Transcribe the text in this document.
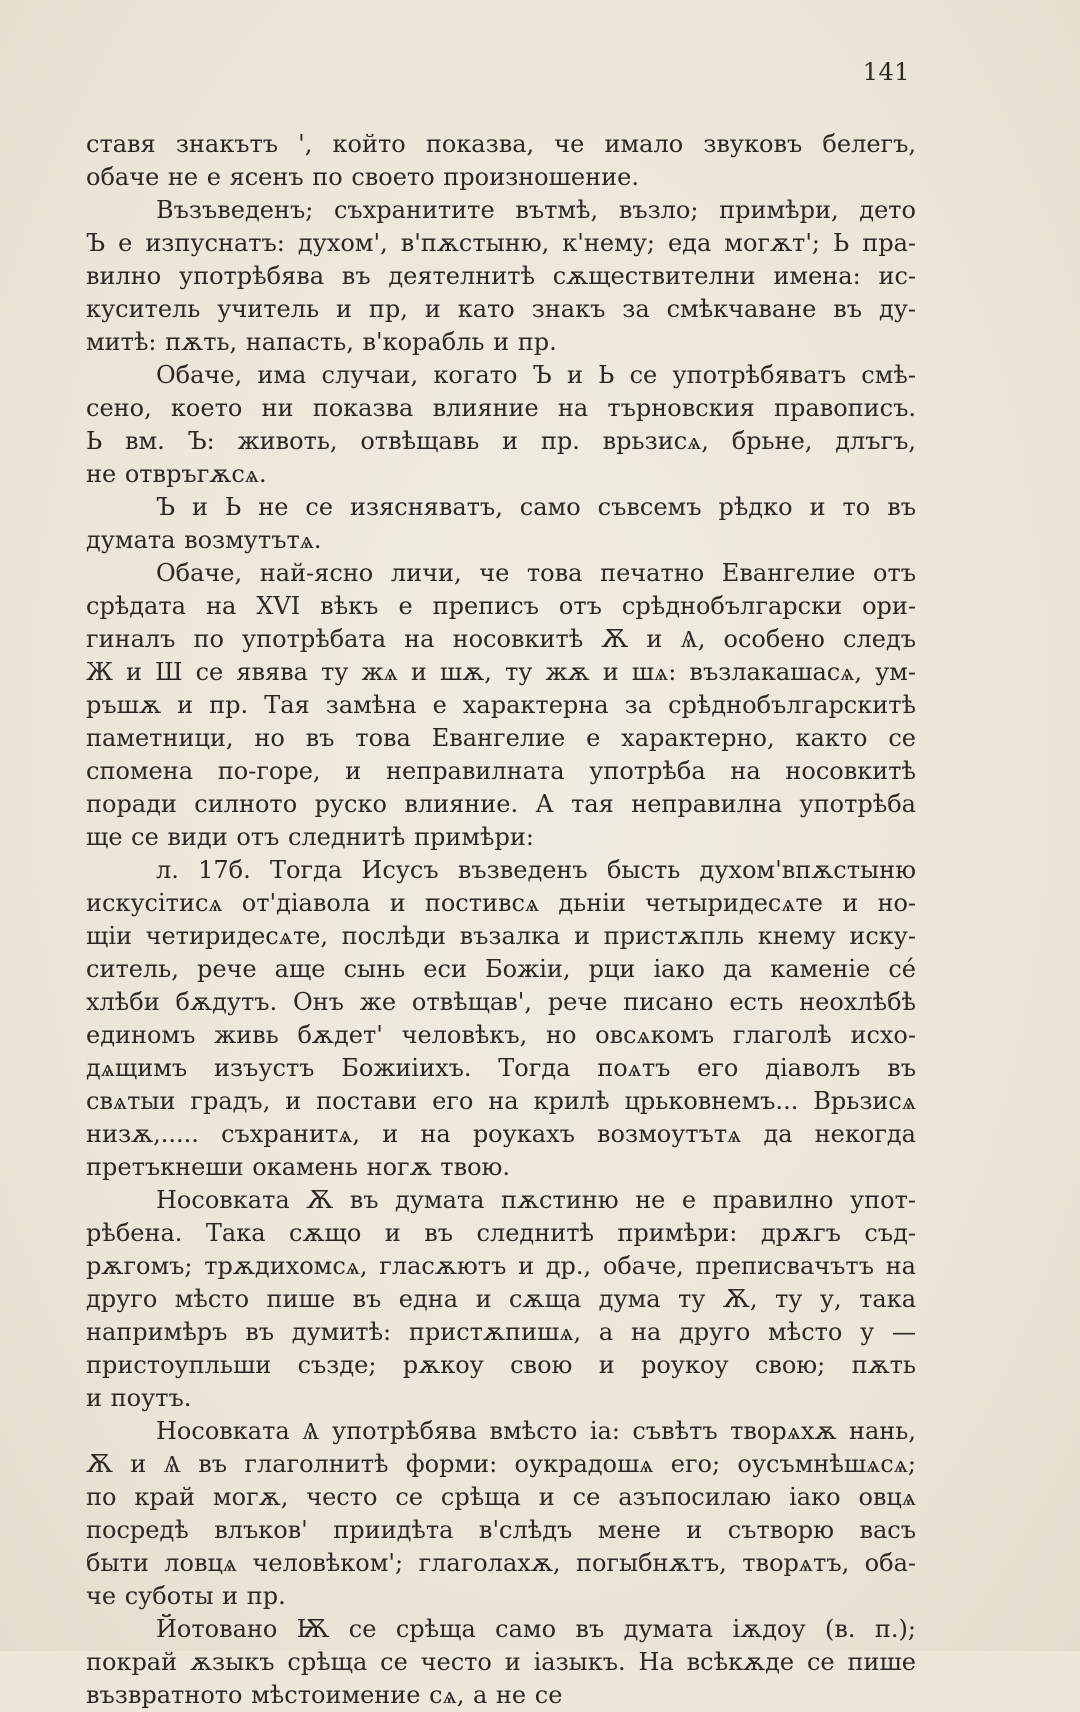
141
ставя знакътъ ', който показва, че имало звуковъ белегъ,
обаче не е ясенъ по своето произношение.
Възъведенъ; съхранитите вътмѣ, възло; примѣри, дето
Ъ е изпуснатъ: духом', в'пѫстыню, к'нему; еда могѫт'; Ь пра-
вилно употрѣбява въ деятелнитѣ сѫществителни имена: ис-
куситель учитель и пр, и като знакъ за смѣкчаване въ ду-
митѣ: пѫть, напасть, в'корабль и пр.
Обаче, има случаи, когато Ъ и Ь се употрѣбяватъ смѣ-
сено, което ни показва влияние на търновския правописъ.
Ь вм. Ъ: животь, отвѣщавь и пр. врьзисѧ, брьне, длъгъ,
не отвръгѫсѧ.
Ъ и Ь не се изясняватъ, само съвсемъ рѣдко и то въ
думата возмутътѧ.
Обаче, най-ясно личи, че това печатно Евангелие отъ
срѣдата на XVI вѣкъ е преписъ отъ срѣднобългарски ори-
гиналъ по употрѣбата на носовкитѣ Ѫ и Ѧ, особено следъ
Ж и Ш се явява ту жѧ и шѫ, ту жѫ и шѧ: възлакашасѧ, ум-
ръшѫ и пр. Тая замѣна е характерна за срѣднобългарскитѣ
паметници, но въ това Евангелие е характерно, както се
спомена по-горе, и неправилната употрѣба на носовкитѣ
поради силното руско влияние. А тая неправилна употрѣба
ще се види отъ следнитѣ примѣри:
л. 17б. Тогда Исусъ възведенъ бысть духом'впѫстыню
искусітисѧ от'діавола и постивсѧ дьніи четыридесѧте и но-
щіи четиридесѧте, послѣди възалка и пристѫпль кнему иску-
ситель, рече аще сынь еси Божіи, рци іако да каменіе се́
хлѣби бѫдутъ. Онъ же отвѣщав', рече писано есть неохлѣбѣ
единомъ живь бѫдет' человѣкъ, но овсѧкомъ глаголѣ исхо-
дѧщимъ изъустъ Божиіихъ. Тогда поѧтъ его діаволъ въ
свѧтыи градъ, и постави его на крилѣ црьковнемъ... Врьзисѧ
низѫ,..... съхранитѧ, и на роукахъ возмоутътѧ да некогда
претъкнеши окамень ногѫ твою.
Носовката Ѫ въ думата пѫстиню не е правилно упот-
рѣбена. Така сѫщо и въ следнитѣ примѣри: дрѫгъ съд-
рѫгомъ; трѫдихомсѧ, гласѫютъ и др., обаче, преписвачътъ на
друго мѣсто пише въ една и сѫща дума ту Ѫ, ту у, така
напримѣръ въ думитѣ: пристѫпишѧ, а на друго мѣсто у —
пристоупльши създе; рѫкоу свою и роукоу свою; пѫть
и поутъ.
Носовката Ѧ употрѣбява вмѣсто іа: съвѣтъ творѧхѫ нань,
Ѫ и Ѧ въ глаголнитѣ форми: оукрадошѧ его; оусъмнѣшѧсѧ;
по край могѫ, често се срѣща и се азъпосилаю іако овцѧ
посредѣ влъков' приидѣта в'слѣдъ мене и сътворю васъ
быти ловцѧ человѣком'; глаголахѫ, погыбнѫтъ, творѧтъ, оба-
че суботы и пр.
Йотовано Ѭ се срѣща само въ думата іѫдоу (в. п.);
покрай ѫзыкъ срѣща се често и іазыкъ. На всѣкѫде се пише
възвратното мѣстоимение сѧ, а не се
